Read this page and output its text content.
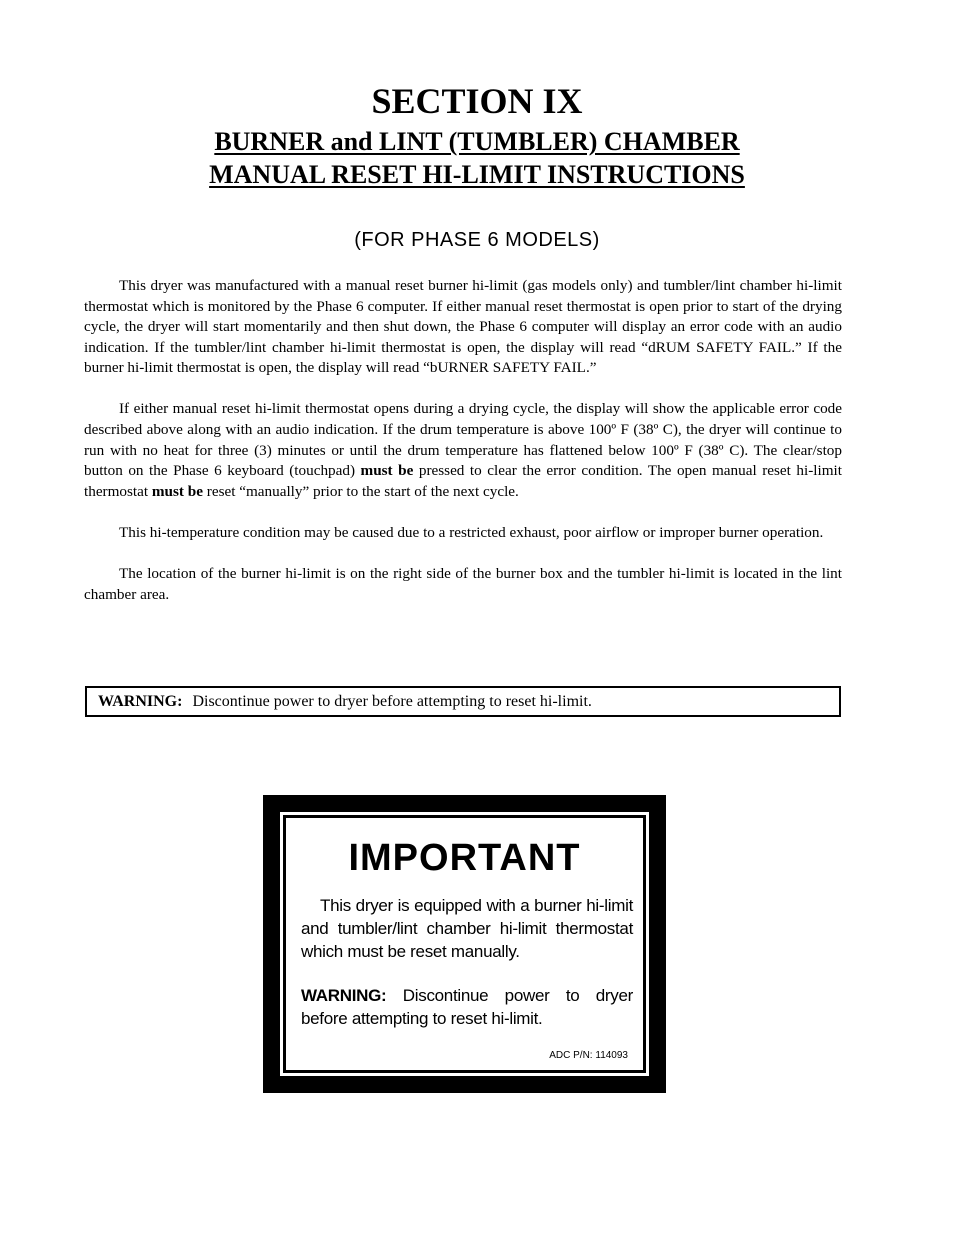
SECTION IX
BURNER and LINT (TUMBLER) CHAMBER
MANUAL RESET HI-LIMIT INSTRUCTIONS

(FOR PHASE 6 MODELS)

This dryer was manufactured with a manual reset burner hi-limit (gas models only) and tumbler/lint chamber hi-limit thermostat which is monitored by the Phase 6 computer. If either manual reset thermostat is open prior to start of the drying cycle, the dryer will start momentarily and then shut down, the Phase 6 computer will display an error code with an audio indication. If the tumbler/lint chamber hi-limit thermostat is open, the display will read “dRUM SAFETY FAIL.” If the burner hi-limit thermostat is open, the display will read “bURNER SAFETY FAIL.”

If either manual reset hi-limit thermostat opens during a drying cycle, the display will show the applicable error code described above along with an audio indication. If the drum temperature is above 100º F (38º C), the dryer will continue to run with no heat for three (3) minutes or until the drum temperature has flattened below 100º F (38º C). The clear/stop button on the Phase 6 keyboard (touchpad) must be pressed to clear the error condition. The open manual reset hi-limit thermostat must be reset “manually” prior to the start of the next cycle.

This hi-temperature condition may be caused due to a restricted exhaust, poor airflow or improper burner operation.

The location of the burner hi-limit is on the right side of the burner box and the tumbler hi-limit is located in the lint chamber area.

WARNING: Discontinue power to dryer before attempting to reset hi-limit.

IMPORTANT

This dryer is equipped with a burner hi-limit and tumbler/lint chamber hi-limit thermostat which must be reset manually.

WARNING: Discontinue power to dryer before attempting to reset hi-limit.

ADC P/N: 114093
